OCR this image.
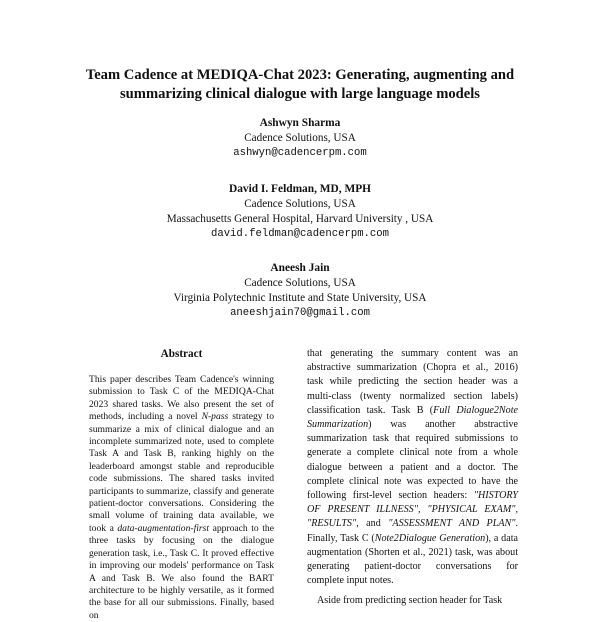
Team Cadence at MEDIQA-Chat 2023: Generating, augmenting and
summarizing clinical dialogue with large language models
Ashwyn Sharma
Cadence Solutions, USA
ashwyn@cadencerpm.com
David I. Feldman, MD, MPH
Cadence Solutions, USA
Massachusetts General Hospital, Harvard University , USA
david.feldman@cadencerpm.com
Aneesh Jain
Cadence Solutions, USA
Virginia Polytechnic Institute and State University, USA
aneeshjain70@gmail.com
Abstract

This paper describes Team Cadence's winning submission to Task C of the MEDIQA-Chat 2023 shared tasks. We also present the set of methods, including a novel N-pass strategy to summarize a mix of clinical dialogue and an incomplete summarized note, used to complete Task A and Task B, ranking highly on the leaderboard amongst stable and reproducible code submissions. The shared tasks invited participants to summarize, classify and generate patient-doctor conversations. Considering the small volume of training data available, we took a data-augmentation-first approach to the three tasks by focusing on the dialogue generation task, i.e., Task C. It proved effective in improving our models' performance on Task A and Task B. We also found the BART architecture to be highly versatile, as it formed the base for all our submissions. Finally, based on

that generating the summary content was an abstractive summarization (Chopra et al., 2016) task while predicting the section header was a multi-class (twenty normalized section labels) classification task. Task B (Full Dialogue2Note Summarization) was another abstractive summarization task that required submissions to generate a complete clinical note from a whole dialogue between a patient and a doctor. The complete clinical note was expected to have the following first-level section headers: "HISTORY OF PRESENT ILLNESS", "PHYSICAL EXAM", "RESULTS", and "ASSESSMENT AND PLAN". Finally, Task C (Note2Dialogue Generation), a data augmentation (Shorten et al., 2021) task, was about generating patient-doctor conversations for complete input notes.

Aside from predicting section header for Task
